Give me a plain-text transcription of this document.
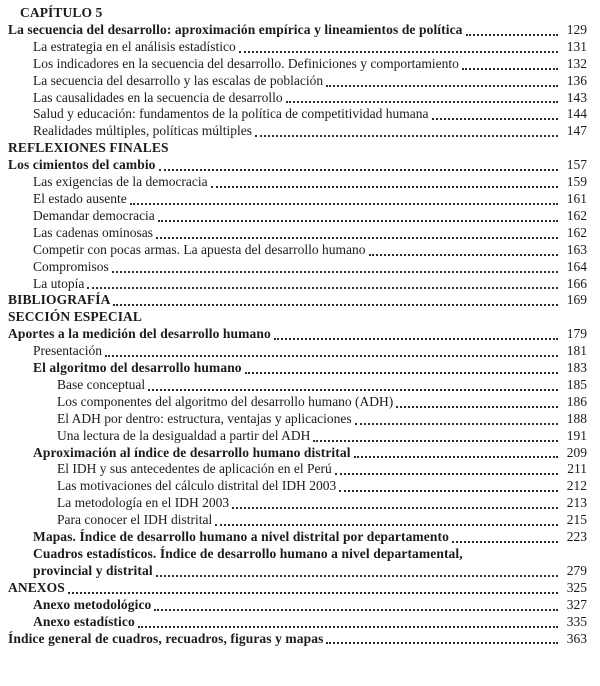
CAPÍTULO 5
La secuencia del desarrollo: aproximación empírica y lineamientos de política	129
La estrategia en el análisis estadístico	131
Los indicadores en la secuencia del desarrollo. Definiciones y comportamiento	132
La secuencia del desarrollo y las escalas de población	136
Las causalidades en la secuencia de desarrollo	143
Salud y educación: fundamentos de la política de competitividad humana	144
Realidades múltiples, políticas múltiples	147
REFLEXIONES FINALES
Los cimientos del cambio	157
Las exigencias de la democracia	159
El estado ausente	161
Demandar democracia	162
Las cadenas ominosas	162
Competir con pocas armas. La apuesta del desarrollo humano	163
Compromisos	164
La utopía	166
BIBLIOGRAFÍA	169
SECCIÓN ESPECIAL
Aportes a la medición del desarrollo humano	179
Presentación	181
El algoritmo del desarrollo humano	183
Base conceptual	185
Los componentes del algoritmo del desarrollo humano (ADH)	186
El ADH por dentro: estructura, ventajas y aplicaciones	188
Una lectura de la desigualdad a partir del ADH	191
Aproximación al índice de desarrollo humano distrital	209
El IDH y sus antecedentes de aplicación en el Perú	211
Las motivaciones del cálculo distrital del IDH 2003	212
La metodología en el IDH 2003	213
Para conocer el IDH distrital	215
Mapas. Índice de desarrollo humano a nivel distrital por departamento	223
Cuadros estadísticos. Índice de desarrollo humano a nivel departamental,
provincial y distrital	279
ANEXOS	325
Anexo metodológico	327
Anexo estadístico	335
Índice general de cuadros, recuadros, figuras y mapas	363
